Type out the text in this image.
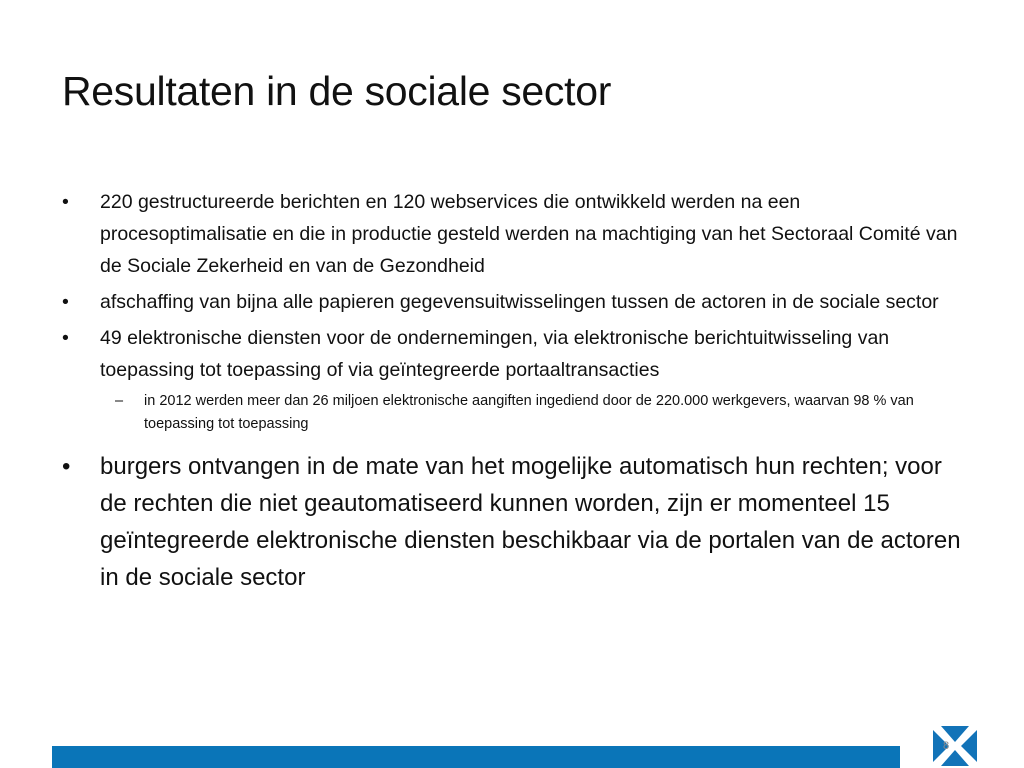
Resultaten in de sociale sector
•	220 gestructureerde berichten en 120 webservices die ontwikkeld werden na een procesoptimalisatie en die in productie gesteld werden na machtiging van het Sectoraal Comité van de Sociale Zekerheid en van de Gezondheid
•	afschaffing van bijna alle papieren gegevensuitwisselingen tussen de actoren in de sociale sector
•	49 elektronische diensten voor de ondernemingen, via elektronische berichtuitwisseling van toepassing tot toepassing of via geïntegreerde portaaltransacties
– in 2012 werden meer dan 26 miljoen elektronische aangiften ingediend door de 220.000 werkgevers, waarvan 98 % van toepassing tot toepassing
•	burgers ontvangen in de mate van het mogelijke automatisch hun rechten; voor de rechten die niet geautomatiseerd kunnen worden, zijn er momenteel 15 geïntegreerde elektronische diensten beschikbaar via de portalen van de actoren in de sociale sector
8
